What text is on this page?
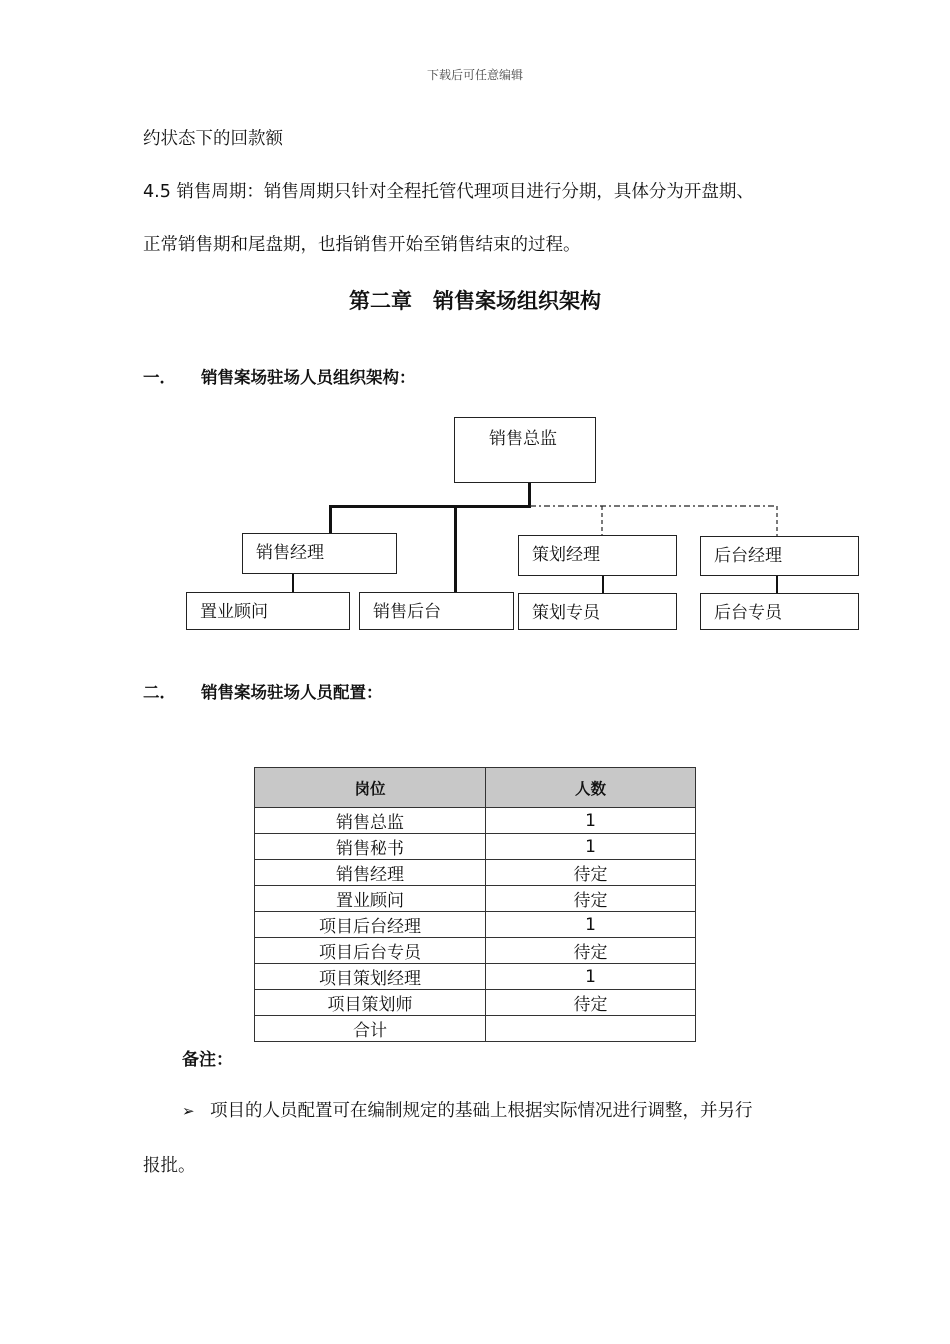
下载后可任意编辑
约状态下的回款额
4.5 销售周期：销售周期只针对全程托管代理项目进行分期，具体分为开盘期、
正常销售期和尾盘期，也指销售开始至销售结束的过程。
第二章　销售案场组织架构
一． 销售案场驻场人员组织架构：
销售总监
销售经理	策划经理	后台经理
置业顾问	销售后台	策划专员	后台专员
二． 销售案场驻场人员配置：
岗位	人数
销售总监	1
销售秘书	1
销售经理	待定
置业顾问	待定
项目后台经理	1
项目后台专员	待定
项目策划经理	1
项目策划师	待定
合计	
备注：
➢ 项目的人员配置可在编制规定的基础上根据实际情况进行调整，并另行
报批。
